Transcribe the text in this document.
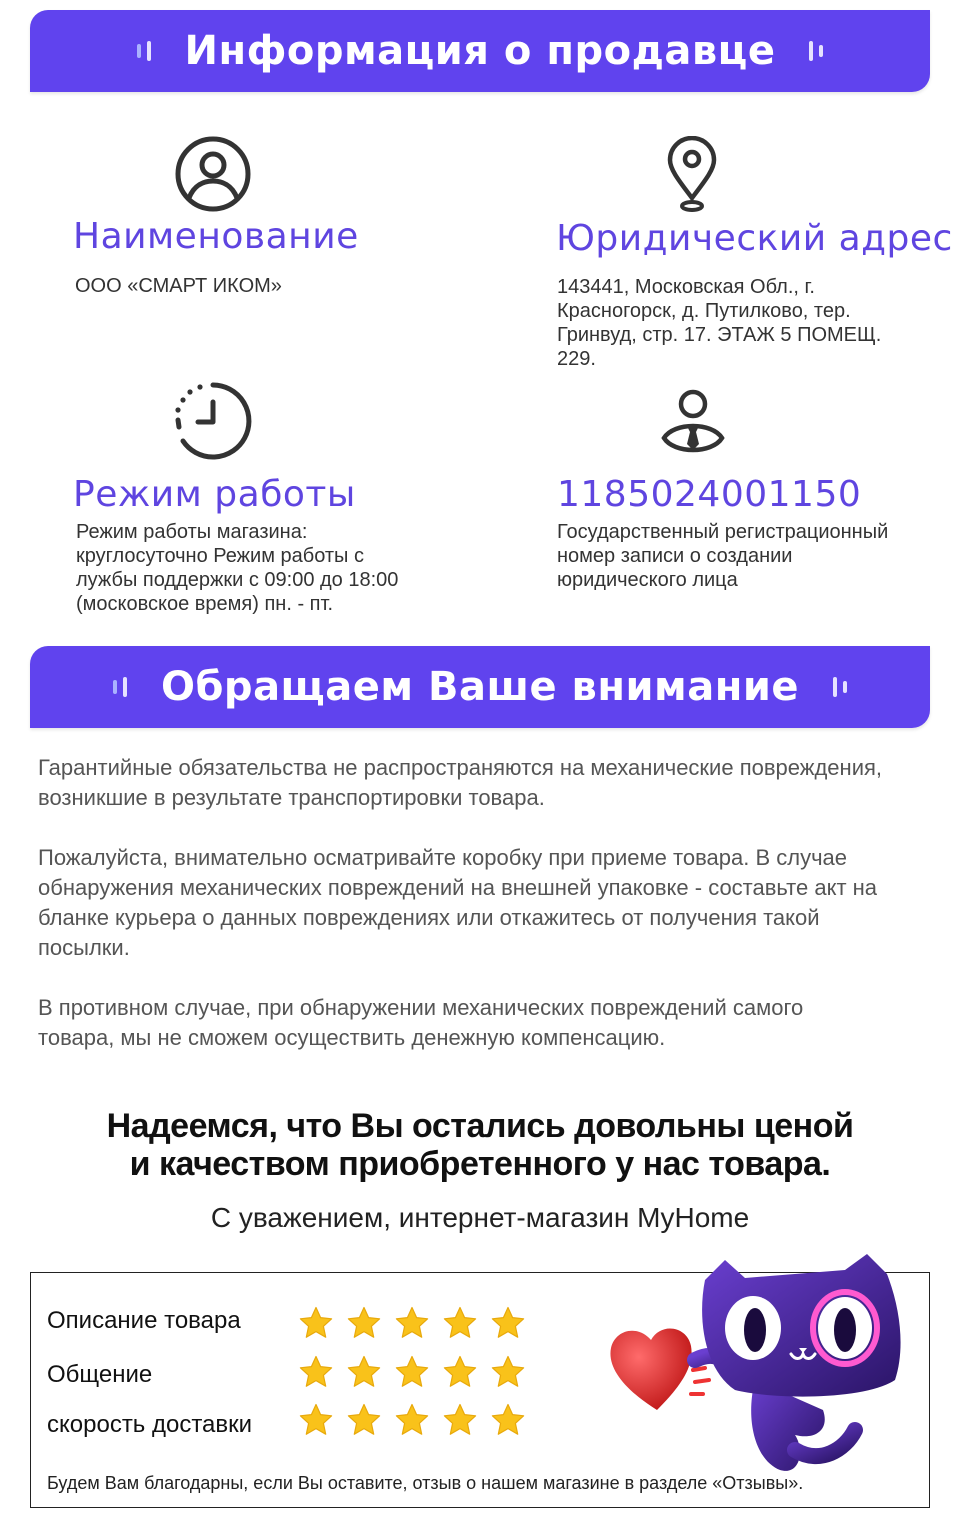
Информация о продавце
Наименование
ООО «СМАРТ ИКОМ»
Юридический адрес
143441, Московская Обл., г.
Красногорск, д. Путилково, тер.
Гринвуд, стр. 17. ЭТАЖ 5 ПОМЕЩ.
229.
Режим работы
Режим работы магазина:
круглосуточно Режим работы с
лужбы поддержки с 09:00 до 18:00
(московское время) пн. - пт.
1185024001150
Государственный регистрационный
номер записи о создании
юридического лица
Обращаем Ваше внимание
Гарантийные обязательства не распространяются на механические повреждения,
возникшие в результате транспортировки товара.
Пожалуйста, внимательно осматривайте коробку при приеме товара. В случае
обнаружения механических повреждений на внешней упаковке - составьте акт на
бланке курьера о данных повреждениях или откажитесь от получения такой
посылки.
В противном случае, при обнаружении механических повреждений самого
товара, мы не сможем осуществить денежную компенсацию.
Надеемся, что Вы остались довольны ценой
и качеством приобретенного у нас товара.
С уважением, интернет-магазин MyHome
Описание товара
Общение
скорость доставки
Будем Вам благодарны, если Вы оставите, отзыв о нашем магазине в разделе «Отзывы».
